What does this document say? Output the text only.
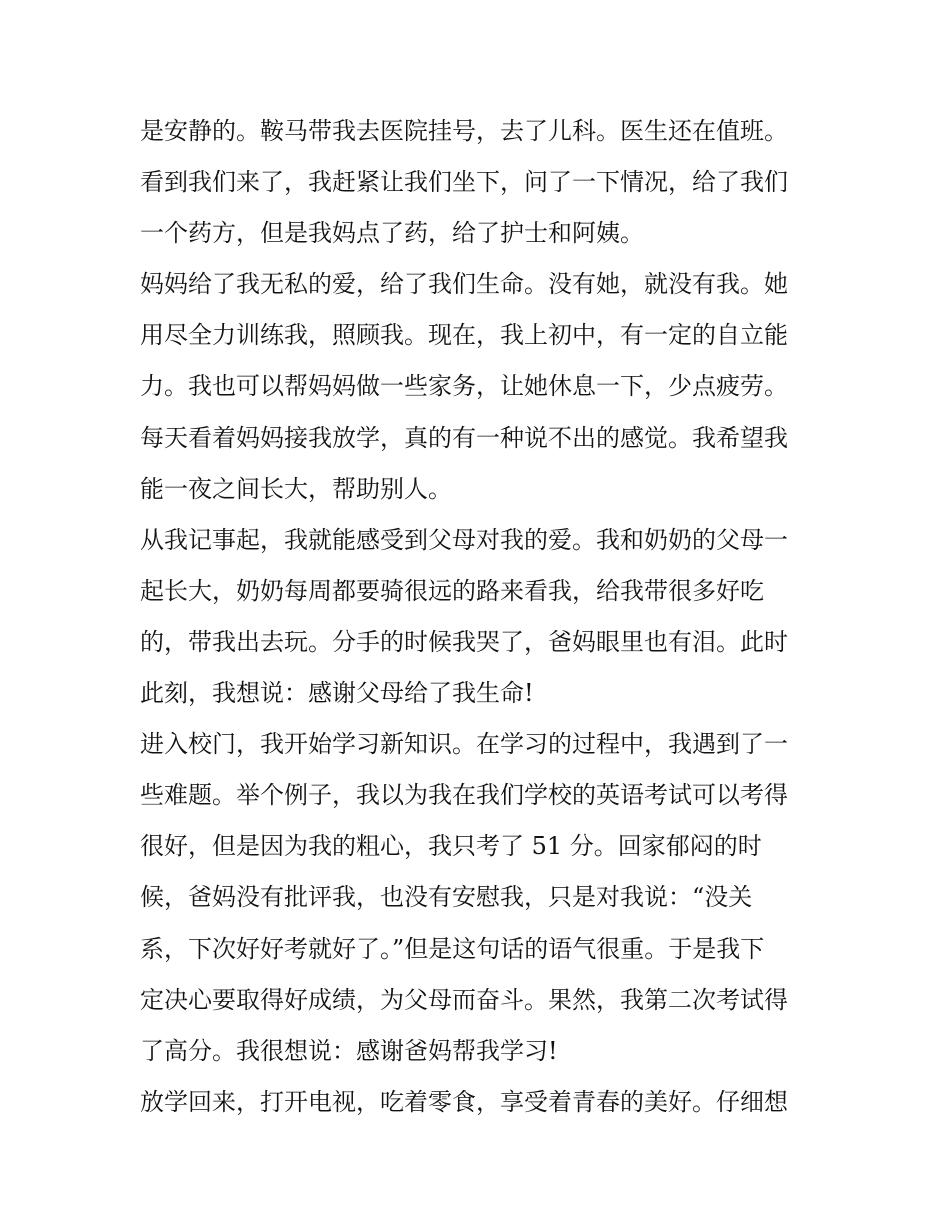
是安静的。鞍马带我去医院挂号，去了儿科。医生还在值班。
看到我们来了，我赶紧让我们坐下，问了一下情况，给了我们
一个药方，但是我妈点了药，给了护士和阿姨。
妈妈给了我无私的爱，给了我们生命。没有她，就没有我。她
用尽全力训练我，照顾我。现在，我上初中，有一定的自立能
力。我也可以帮妈妈做一些家务，让她休息一下，少点疲劳。
每天看着妈妈接我放学，真的有一种说不出的感觉。我希望我
能一夜之间长大，帮助别人。
从我记事起，我就能感受到父母对我的爱。我和奶奶的父母一
起长大，奶奶每周都要骑很远的路来看我，给我带很多好吃
的，带我出去玩。分手的时候我哭了，爸妈眼里也有泪。此时
此刻，我想说：感谢父母给了我生命!
进入校门，我开始学习新知识。在学习的过程中，我遇到了一
些难题。举个例子，我以为我在我们学校的英语考试可以考得
很好，但是因为我的粗心，我只考了 51 分。回家郁闷的时
候，爸妈没有批评我，也没有安慰我，只是对我说：“没关
系，下次好好考就好了。”但是这句话的语气很重。于是我下
定决心要取得好成绩，为父母而奋斗。果然，我第二次考试得
了高分。我很想说：感谢爸妈帮我学习!
放学回来，打开电视，吃着零食，享受着青春的美好。仔细想
